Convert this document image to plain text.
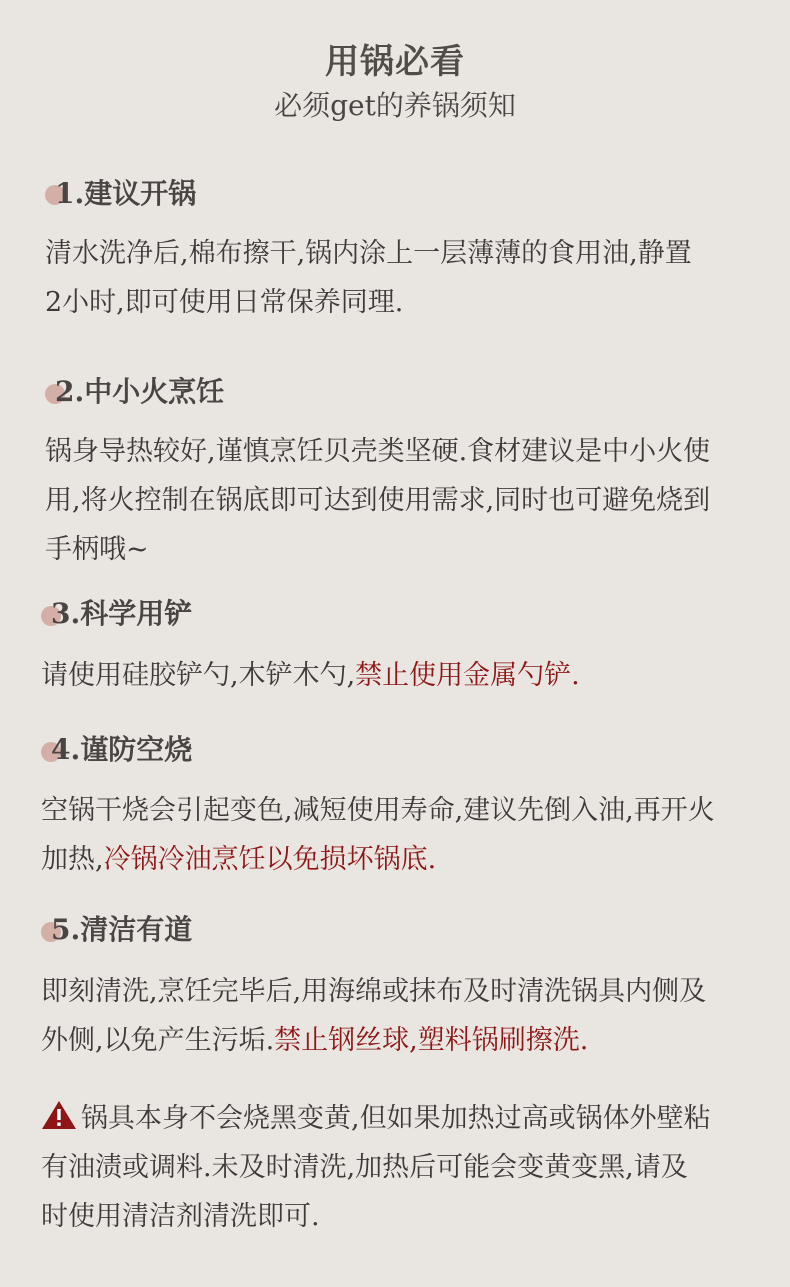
用锅必看
必须get的养锅须知
1.建议开锅
清水洗净后,棉布擦干,锅内涂上一层薄薄的食用油,静置
2小时,即可使用日常保养同理.
2.中小火烹饪
锅身导热较好,谨慎烹饪贝壳类坚硬.食材建议是中小火使
用,将火控制在锅底即可达到使用需求,同时也可避免烧到
手柄哦~
3.科学用铲
请使用硅胶铲勺,木铲木勺,禁止使用金属勺铲.
4.谨防空烧
空锅干烧会引起变色,减短使用寿命,建议先倒入油,再开火
加热,冷锅冷油烹饪以免损坏锅底.
5.清洁有道
即刻清洗,烹饪完毕后,用海绵或抹布及时清洗锅具内侧及
外侧,以免产生污垢.禁止钢丝球,塑料锅刷擦洗.
锅具本身不会烧黑变黄,但如果加热过高或锅体外壁粘
有油渍或调料.未及时清洗,加热后可能会变黄变黑,请及
时使用清洁剂清洗即可.
